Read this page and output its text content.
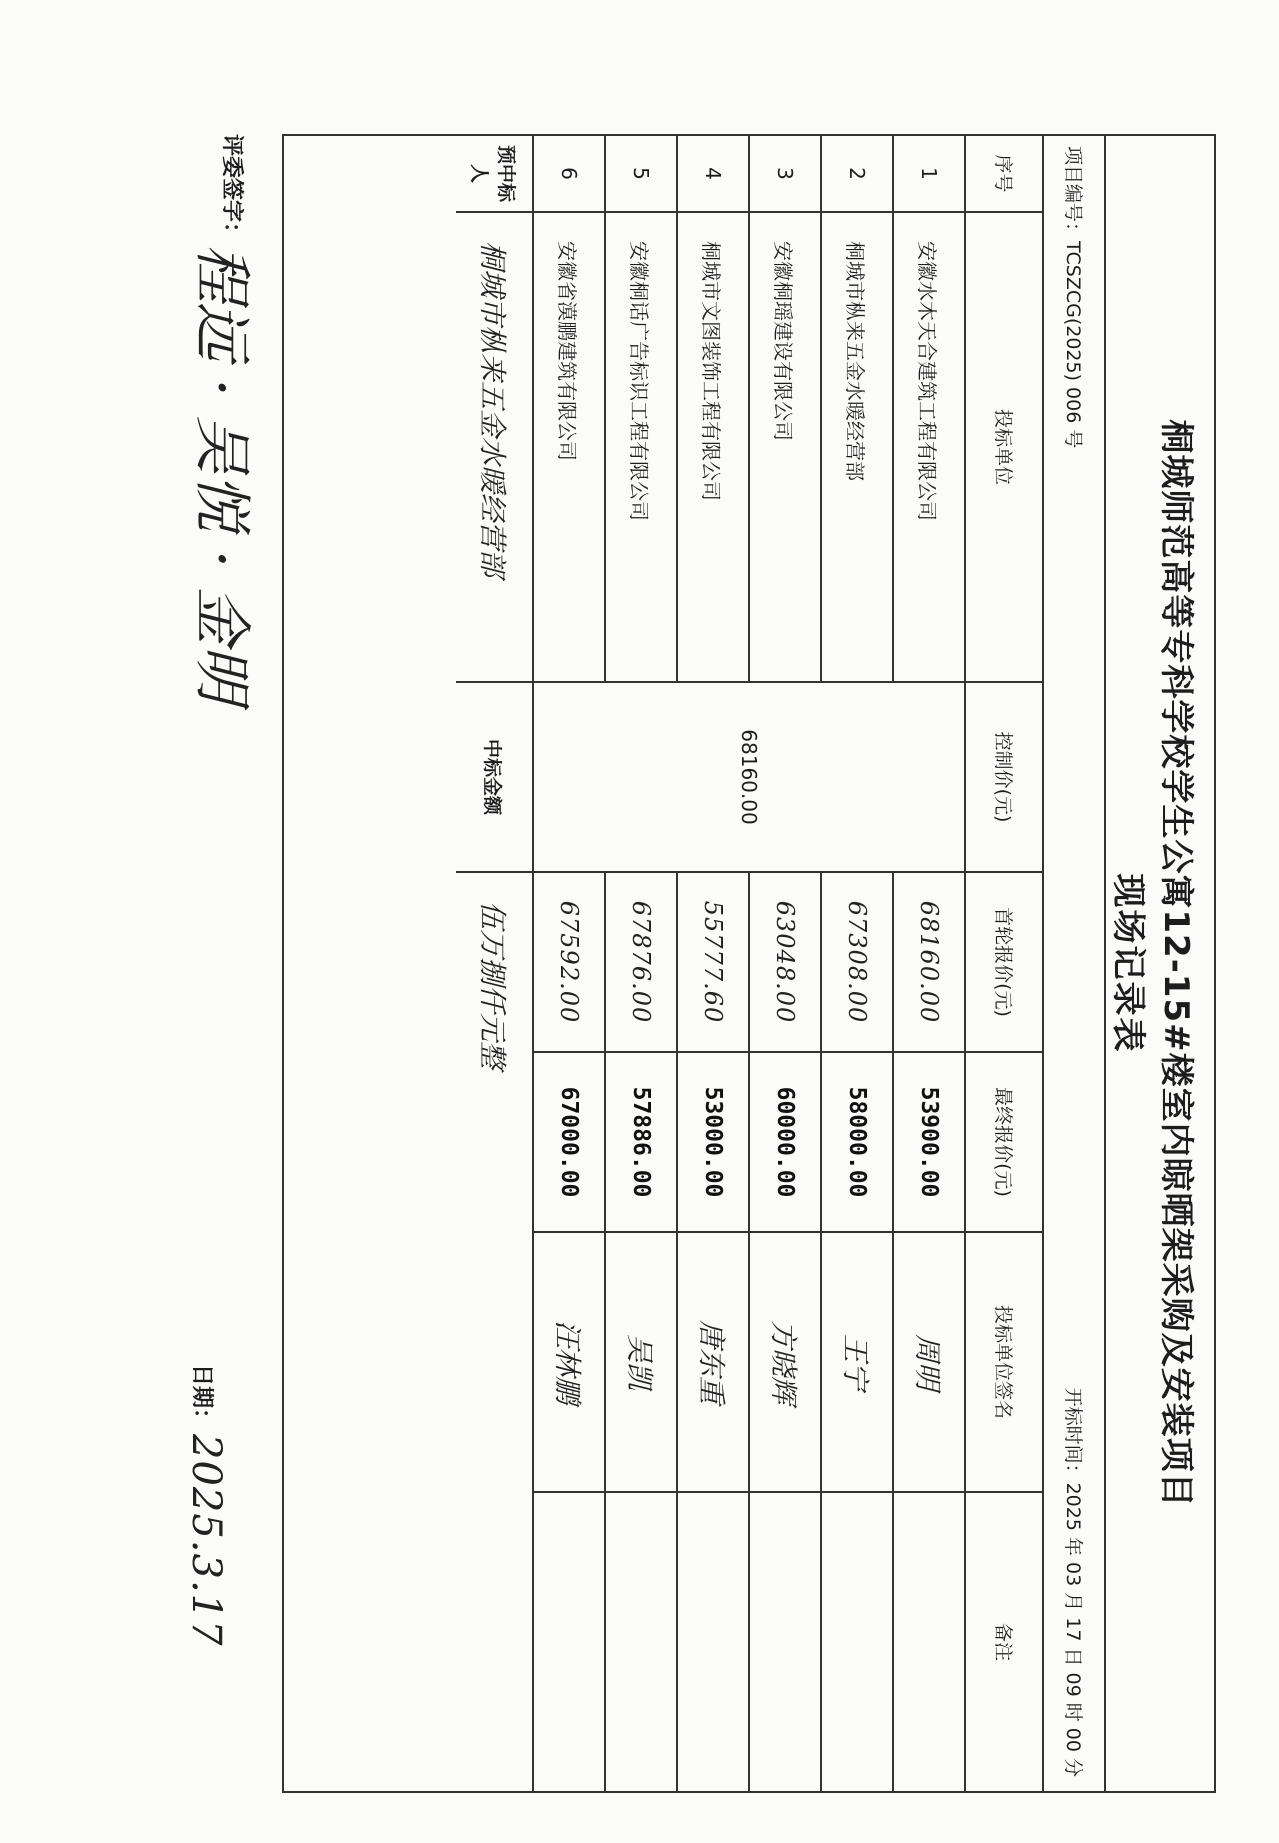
桐城师范高等专科学校学生公寓12-15#楼室内晾晒架采购及安装项目
现场记录表
项目编号：TCSZCG(2025) 006 号
开标时间：2025 年 03 月 17 日 09 时 00 分
序号	投标单位	控制价(元)	首轮报价(元)	最终报价(元)	投标单位签名	备注
1	安徽水木天合建筑工程有限公司	68160.00	68160.00	53900.00	周明	
2	桐城市枞来五金水暖经营部		67308.00	58000.00	王宁	
3	安徽桐瑶建设有限公司		63048.00	60000.00	方晓辉	
4	桐城市文图装饰工程有限公司		55777.60	53000.00	唐东重	
5	安徽桐话广告标识工程有限公司		67876.00	57886.00	吴凯	
6	安徽省漠鹏建筑有限公司		67592.00	67000.00	汪林鹏	
预中标人	桐城市枞来五金水暖经营部	中标金额	伍万捌仟元整			
评委签字：
程远 · 吴悦 · 金明
日期：
2025.3.17
